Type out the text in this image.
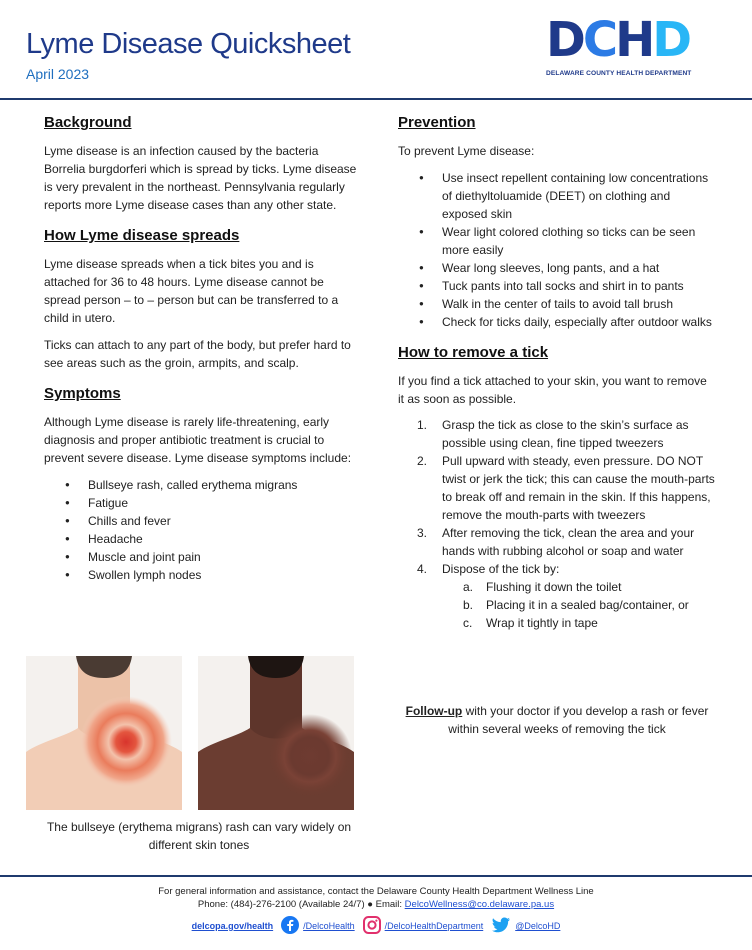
Lyme Disease Quicksheet
April 2023
D C H D
DELAWARE COUNTY HEALTH DEPARTMENT
Background

Lyme disease is an infection caused by the bacteria Borrelia burgdorferi which is spread by ticks. Lyme disease is very prevalent in the northeast. Pennsylvania regularly reports more Lyme disease cases than any other state.

How Lyme disease spreads

Lyme disease spreads when a tick bites you and is attached for 36 to 48 hours. Lyme disease cannot be spread person – to – person but can be transferred to a child in utero.

Ticks can attach to any part of the body, but prefer hard to see areas such as the groin, armpits, and scalp.

Symptoms

Although Lyme disease is rarely life-threatening, early diagnosis and proper antibiotic treatment is crucial to prevent severe disease. Lyme disease symptoms include:

● Bullseye rash, called erythema migrans
● Fatigue
● Chills and fever
● Headache
● Muscle and joint pain
● Swollen lymph nodes
The bullseye (erythema migrans) rash can vary widely on different skin tones
Prevention

To prevent Lyme disease:

● Use insect repellent containing low concentrations of diethyltoluamide (DEET) on clothing and exposed skin
● Wear light colored clothing so ticks can be seen more easily
● Wear long sleeves, long pants, and a hat
● Tuck pants into tall socks and shirt in to pants
● Walk in the center of tails to avoid tall brush
● Check for ticks daily, especially after outdoor walks
How to remove a tick

If you find a tick attached to your skin, you want to remove it as soon as possible.

1. Grasp the tick as close to the skin’s surface as possible using clean, fine tipped tweezers
2. Pull upward with steady, even pressure. DO NOT twist or jerk the tick; this can cause the mouth-parts to break off and remain in the skin. If this happens, remove the mouth-parts with tweezers
3. After removing the tick, clean the area and your hands with rubbing alcohol or soap and water
4. Dispose of the tick by:
a. Flushing it down the toilet
b. Placing it in a sealed bag/container, or
c. Wrap it tightly in tape
Follow-up with your doctor if you develop a rash or fever within several weeks of removing the tick
For general information and assistance, contact the Delaware County Health Department Wellness Line
Phone: (484)-276-2100 (Available 24/7) ● Email: DelcoWellness@co.delaware.pa.us
delcopa.gov/health	/DelcoHealth	/DelcoHealthDepartment	@DelcoHD
